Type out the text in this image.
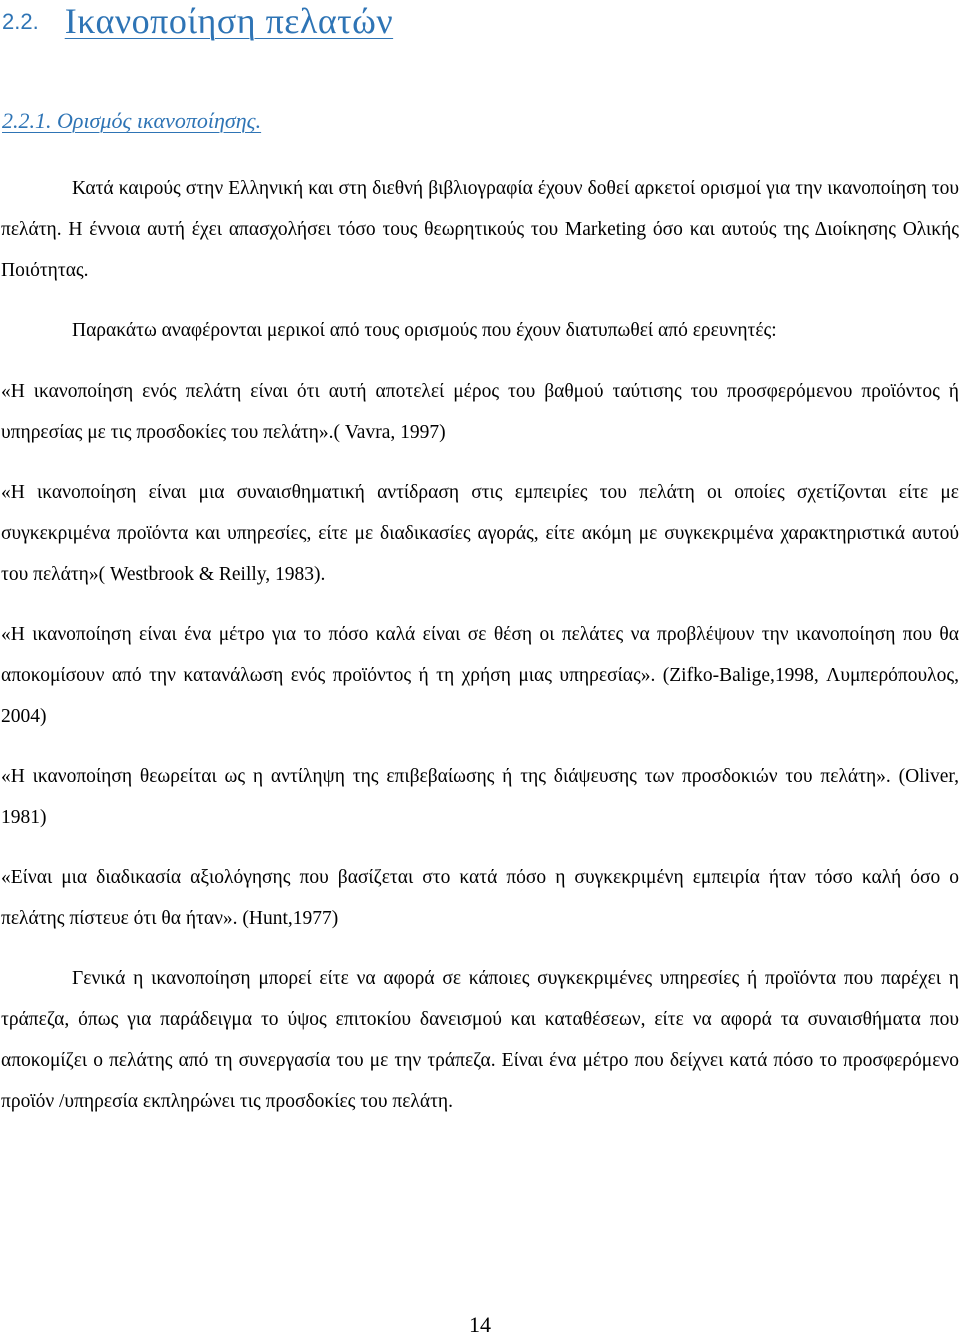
2.2. Ικανοποίηση πελατών
2.2.1. Ορισμός ικανοποίησης.

Κατά καιρούς στην Ελληνική και στη διεθνή βιβλιογραφία έχουν δοθεί αρκετοί ορισμοί για την ικανοποίηση του πελάτη. Η έννοια αυτή έχει απασχολήσει τόσο τους θεωρητικούς του Marketing όσο και αυτούς της Διοίκησης Ολικής Ποιότητας.

Παρακάτω αναφέρονται μερικοί από τους ορισμούς που έχουν διατυπωθεί από ερευνητές:

«Η ικανοποίηση ενός πελάτη είναι ότι αυτή αποτελεί μέρος του βαθμού ταύτισης του προσφερόμενου προϊόντος ή υπηρεσίας με τις προσδοκίες του πελάτη».( Vavra, 1997)

«Η ικανοποίηση είναι μια συναισθηματική αντίδραση στις εμπειρίες του πελάτη οι οποίες σχετίζονται είτε με συγκεκριμένα προϊόντα και υπηρεσίες, είτε με διαδικασίες αγοράς, είτε ακόμη με συγκεκριμένα χαρακτηριστικά αυτού του πελάτη»( Westbrook & Reilly, 1983).

«Η ικανοποίηση είναι ένα μέτρο για το πόσο καλά είναι σε θέση οι πελάτες να προβλέψουν την ικανοποίηση που θα αποκομίσουν από την κατανάλωση ενός προϊόντος ή τη χρήση μιας υπηρεσίας». (Zifko-Balige,1998, Λυμπερόπουλος, 2004)

«Η ικανοποίηση θεωρείται ως η αντίληψη της επιβεβαίωσης ή της διάψευσης των προσδοκιών του πελάτη». (Oliver, 1981)

«Είναι μια διαδικασία αξιολόγησης που βασίζεται στο κατά πόσο η συγκεκριμένη εμπειρία ήταν τόσο καλή όσο ο πελάτης πίστευε ότι θα ήταν». (Hunt,1977)

Γενικά η ικανοποίηση μπορεί είτε να αφορά σε κάποιες συγκεκριμένες υπηρεσίες ή προϊόντα που παρέχει η τράπεζα, όπως για παράδειγμα το ύψος επιτοκίου δανεισμού και καταθέσεων, είτε να αφορά τα συναισθήματα που αποκομίζει ο πελάτης από τη συνεργασία του με την τράπεζα. Είναι ένα μέτρο που δείχνει κατά πόσο το προσφερόμενο προϊόν /υπηρεσία εκπληρώνει τις προσδοκίες του πελάτη.

14
